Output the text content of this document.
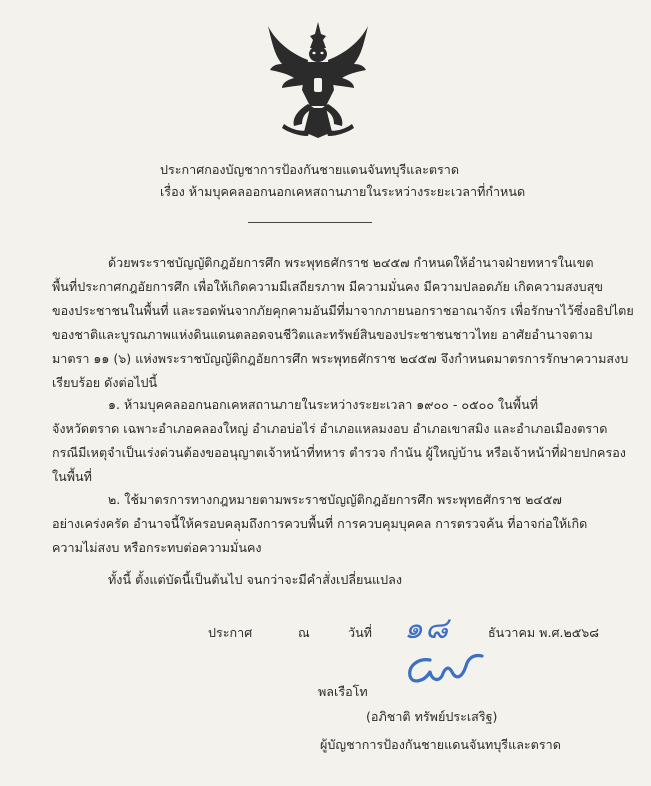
ประกาศกองบัญชาการป้องกันชายแดนจันทบุรีและตราด
เรื่อง ห้ามบุคคลออกนอกเคหสถานภายในระหว่างระยะเวลาที่กำหนด
ด้วยพระราชบัญญัติกฎอัยการศึก พระพุทธศักราช ๒๔๕๗ กำหนดให้อำนาจฝ่ายทหารในเขต
พื้นที่ประกาศกฎอัยการศึก เพื่อให้เกิดความมีเสถียรภาพ มีความมั่นคง มีความปลอดภัย เกิดความสงบสุข
ของประชาชนในพื้นที่ และรอดพ้นจากภัยคุกคามอันมีที่มาจากภายนอกราชอาณาจักร เพื่อรักษาไว้ซึ่งอธิปไตย
ของชาติและบูรณภาพแห่งดินแดนตลอดจนชีวิตและทรัพย์สินของประชาชนชาวไทย อาศัยอำนาจตาม
มาตรา ๑๑ (๖) แห่งพระราชบัญญัติกฎอัยการศึก พระพุทธศักราช ๒๔๕๗ จึงกำหนดมาตรการรักษาความสงบ
เรียบร้อย ดังต่อไปนี้
๑. ห้ามบุคคลออกนอกเคหสถานภายในระหว่างระยะเวลา ๑๙๐๐ - ๐๕๐๐ ในพื้นที่
จังหวัดตราด เฉพาะอำเภอคลองใหญ่ อำเภอบ่อไร่ อำเภอแหลมงอบ อำเภอเขาสมิง และอำเภอเมืองตราด
กรณีมีเหตุจำเป็นเร่งด่วนต้องขออนุญาตเจ้าหน้าที่ทหาร ตำรวจ กำนัน ผู้ใหญ่บ้าน หรือเจ้าหน้าที่ฝ่ายปกครอง
ในพื้นที่
๒. ใช้มาตรการทางกฎหมายตามพระราชบัญญัติกฎอัยการศึก พระพุทธศักราช ๒๔๕๗
อย่างเคร่งครัด อำนาจนี้ให้ครอบคลุมถึงการควบพื้นที่ การควบคุมบุคคล การตรวจค้น ที่อาจก่อให้เกิด
ความไม่สงบ หรือกระทบต่อความมั่นคง
ทั้งนี้ ตั้งแต่บัดนี้เป็นต้นไป จนกว่าจะมีคำสั่งเปลี่ยนแปลง
ประกาศ	ณ	วันที่ ๑๘	ธันวาคม พ.ศ.๒๕๖๘
พลเรือโท
(อภิชาติ ทรัพย์ประเสริฐ)
ผู้บัญชาการป้องกันชายแดนจันทบุรีและตราด
